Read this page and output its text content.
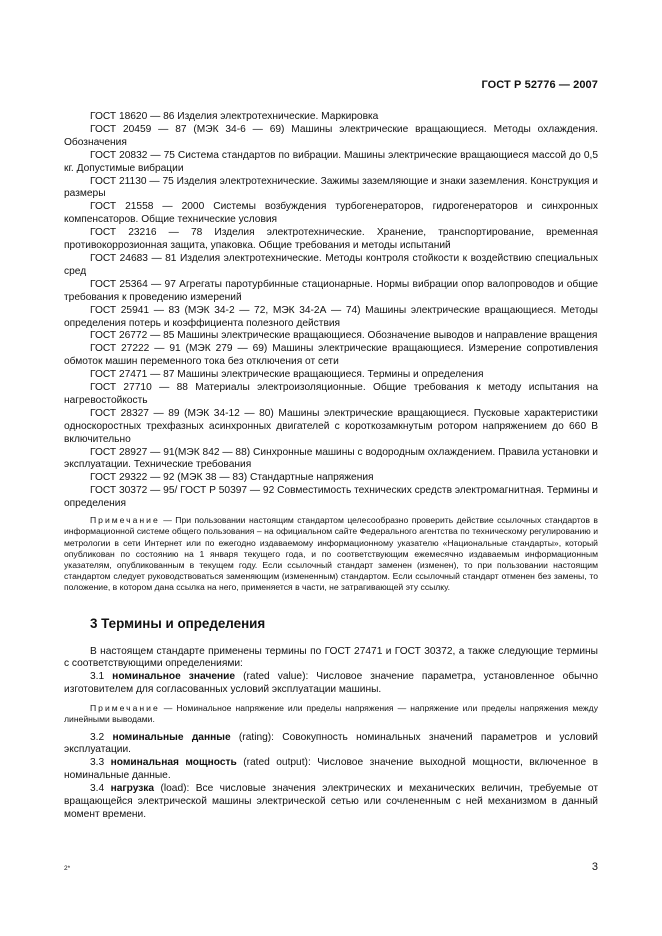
ГОСТ Р 52776 — 2007

ГОСТ 18620 — 86 Изделия электротехнические. Маркировка

ГОСТ 20459 — 87 (МЭК 34-6 — 69) Машины электрические вращающиеся. Методы охлаждения. Обозначения

ГОСТ 20832 — 75 Система стандартов по вибрации. Машины электрические вращающиеся массой до 0,5 кг. Допустимые вибрации

ГОСТ 21130 — 75 Изделия электротехнические. Зажимы заземляющие и знаки заземления. Конструкция и размеры

ГОСТ 21558 — 2000 Системы возбуждения турбогенераторов, гидрогенераторов и синхронных компенсаторов. Общие технические условия

ГОСТ 23216 — 78 Изделия электротехнические. Хранение, транспортирование, временная противокоррозионная защита, упаковка. Общие требования и методы испытаний

ГОСТ 24683 — 81 Изделия электротехнические. Методы контроля стойкости к воздействию специальных сред

ГОСТ 25364 — 97 Агрегаты паротурбинные стационарные. Нормы вибрации опор валопроводов и общие требования к проведению измерений

ГОСТ 25941 — 83 (МЭК 34-2 — 72, МЭК 34-2А — 74) Машины электрические вращающиеся. Методы определения потерь и коэффициента полезного действия

ГОСТ 26772 — 85 Машины электрические вращающиеся. Обозначение выводов и направление вращения

ГОСТ 27222 — 91 (МЭК 279 — 69) Машины электрические вращающиеся. Измерение сопротивления обмоток машин переменного тока без отключения от сети

ГОСТ 27471 — 87 Машины электрические вращающиеся. Термины и определения

ГОСТ 27710 — 88 Материалы электроизоляционные. Общие требования к методу испытания на нагревостойкость

ГОСТ 28327 — 89 (МЭК 34-12 — 80) Машины электрические вращающиеся. Пусковые характеристики односкоростных трехфазных асинхронных двигателей с короткозамкнутым ротором напряжением до 660 В включительно

ГОСТ 28927 — 91(МЭК 842 — 88) Синхронные машины с водородным охлаждением. Правила установки и эксплуатации. Технические требования

ГОСТ 29322 — 92 (МЭК 38 — 83) Стандартные напряжения

ГОСТ 30372 — 95/ ГОСТ Р 50397 — 92 Совместимость технических средств электромагнитная. Термины и определения

Примечание — При пользовании настоящим стандартом целесообразно проверить действие ссылочных стандартов в информационной системе общего пользования – на официальном сайте Федерального агентства по техническому регулированию и метрологии в сети Интернет или по ежегодно издаваемому информационному указателю «Национальные стандарты», который опубликован по состоянию на 1 января текущего года, и по соответствующим ежемесячно издаваемым информационным указателям, опубликованным в текущем году. Если ссылочный стандарт заменен (изменен), то при пользовании настоящим стандартом следует руководствоваться заменяющим (измененным) стандартом. Если ссылочный стандарт отменен без замены, то положение, в котором дана ссылка на него, применяется в части, не затрагивающей эту ссылку.

3 Термины и определения

В настоящем стандарте применены термины по ГОСТ 27471 и ГОСТ 30372, а также следующие термины с соответствующими определениями:

3.1 номинальное значение (rated value): Числовое значение параметра, установленное обычно изготовителем для согласованных условий эксплуатации машины.

Примечание — Номинальное напряжение или пределы напряжения — напряжение или пределы напряжения между линейными выводами.

3.2 номинальные данные (rating): Совокупность номинальных значений параметров и условий эксплуатации.

3.3 номинальная мощность (rated output): Числовое значение выходной мощности, включенное в номинальные данные.

3.4 нагрузка (load): Все числовые значения электрических и механических величин, требуемые от вращающейся электрической машины электрической сетью или сочлененным с ней механизмом в данный момент времени.

2*	3
